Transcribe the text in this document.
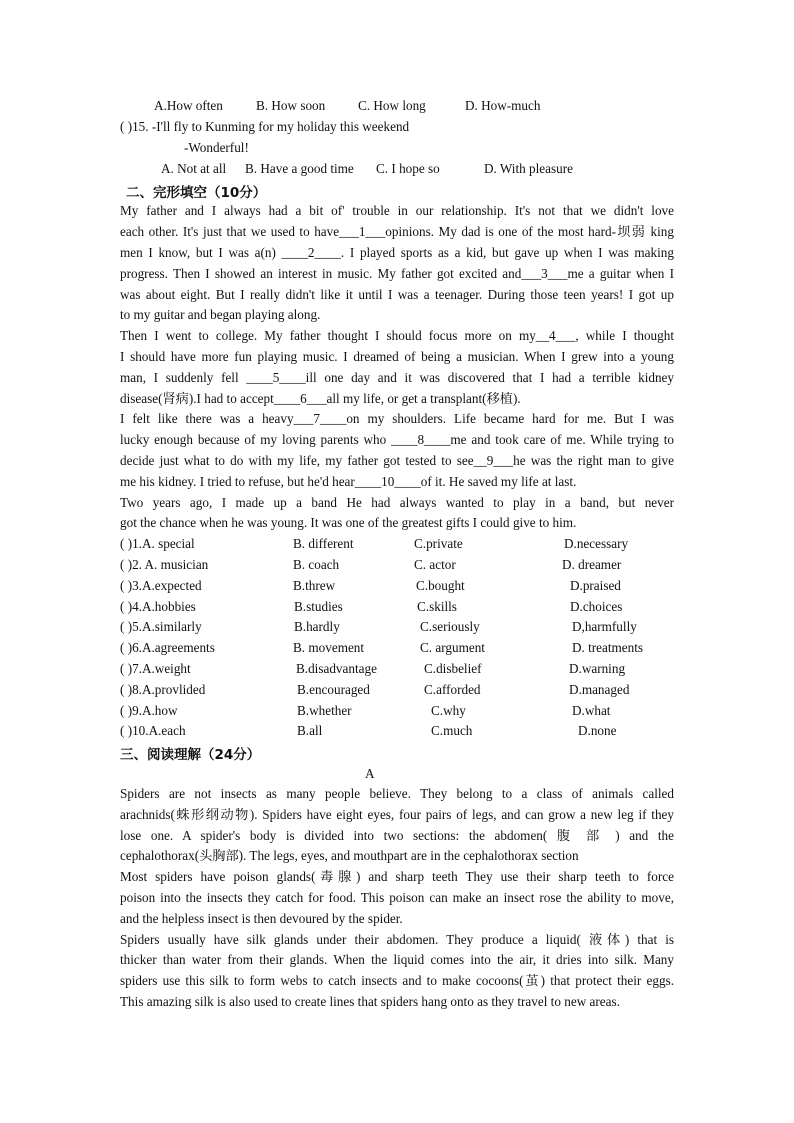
A.How often	B. How soon C. How long	D. How-much
( )15. -I'll fly to Kunming for my holiday this weekend
-Wonderful!
A. Not at all B. Have a good time C. I hope so	D. With pleasure
二、完形填空（10分）
My father and I always had a bit of' trouble in our relationship. It's not that we didn't love
each other. It's just that we used to have___1___opinions. My dad is one of the most hard-坝弱 king
men I know, but I was a(n) ____2____. I played sports as a kid, but gave up when I was making
progress. Then I showed an interest in music. My father got excited and___3___me a guitar when I
was about eight. But I really didn't like it until I was a teenager. During those teen years! I got up
to my guitar and began playing along.
Then I went to college. My father thought I should focus more on my__4___, while I thought
I should have more fun playing music. I dreamed of being a musician. When I grew into a young
man, I suddenly fell ____5____ill one day and it was discovered that I had a terrible kidney
disease(肾病).I had to accept____6___all my life, or get a transplant(移植).
I felt like there was a heavy___7____on my shoulders. Life became hard for me. But I was
lucky enough because of my loving parents who ____8____me and took care of me. While trying to
decide just what to do with my life, my father got tested to see__9___he was the right man to give
me his kidney. I tried to refuse, but he'd hear____10____of it. He saved my life at last.
Two years ago, I made up a band He had always wanted to play in a band, but never
got the chance when he was young. It was one of the greatest gifts I could give to him.
( )1.A. special	B. different	C.private	D.necessary
( )2. A. musician	B. coach	C. actor	D. dreamer
( )3.A.expected	B.threw	C.bought	D.praised
( )4.A.hobbies	B.studies	C.skills	D.choices
( )5.A.similarly	B.hardly	C.seriously	D,harmfully
( )6.A.agreements	B. movement	C. argument	D. treatments
( )7.A.weight	B.disadvantage	C.disbelief	D.warning
( )8.A.provlided	B.encouraged	C.afforded	D.managed
( )9.A.how	B.whether	C.why	D.what
( )10.A.each	B.all	C.much	D.none
三、阅读理解（24分）
A
Spiders are not insects as many people believe. They belong to a class of animals called
arachnids(蛛形纲动物). Spiders have eight eyes, four pairs of legs, and can grow a new leg if they
lose one. A spider's body is divided into two sections: the abdomen( 腹 部 ) and the
cephalothorax(头胸部). The legs, eyes, and mouthpart are in the cephalothorax section
Most spiders have poison glands(毒腺) and sharp teeth They use their sharp teeth to force
poison into the insects they catch for food. This poison can make an insect rose the ability to move,
and the helpless insect is then devoured by the spider.
Spiders usually have silk glands under their abdomen. They produce a liquid( 液体) that is
thicker than water from their glands. When the liquid comes into the air, it dries into silk. Many
spiders use this silk to form webs to catch insects and to make cocoons(茧) that protect their eggs.
This amazing silk is also used to create lines that spiders hang onto as they travel to new areas.
